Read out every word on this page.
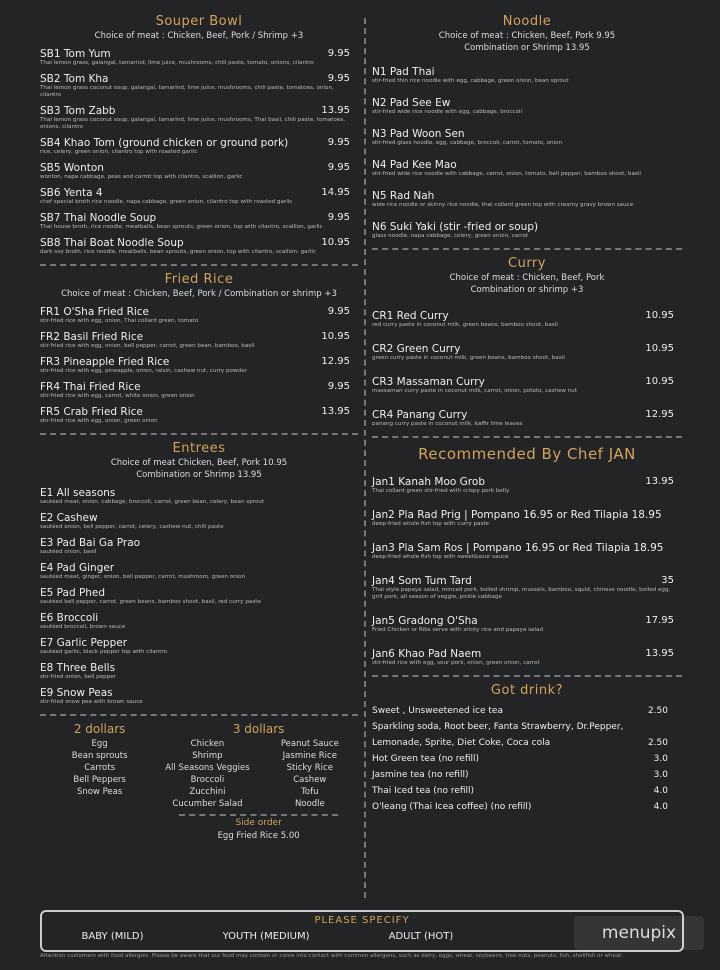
Souper Bowl
Choice of meat : Chicken, Beef, Pork / Shrimp +3
SB1 Tom Yum	9.95
Thai lemon grass, galangal, tamarind, lime juice, mushrooms, chili paste, tomato, onions, cilantro
SB2 Tom Kha	9.95
Thai lemon grass coconut soup, galangal, tamarind, lime juice, mushrooms, chili paste, tomatoes, onion, cilantro
SB3 Tom Zabb	13.95
Thai lemon grass coconut soup, galangal, tamarind, lime juice, mushrooms, Thai basil, chili paste, tomatoes, onions, cilantro
SB4 Khao Tom (ground chicken or ground pork)	9.95
rice, celery, green onion, cilantro top with roasted garlic
SB5 Wonton	9.95
wonton, napa cabbage, peas and carrot top with cilantro, scallion, garlic
SB6 Yenta 4	14.95
chef special broth rice noodle, napa cabbage, green onion, cilantro top with roasted garlic
SB7 Thai Noodle Soup	9.95
Thai house broth, rice noodle, meatballs, bean sprouts, green onion, top with cilantro, scallion, garlic
SB8 Thai Boat Noodle Soup	10.95
dark soy broth, rice noodle, meatballs, bean sprouts, green onion, top with cilantro, scallion, garlic
Fried Rice
Choice of meat : Chicken, Beef, Pork / Combination or shrimp +3
FR1 O'Sha Fried Rice	9.95
stir-fried rice with egg, onion, Thai collard green, tomato
FR2 Basil Fried Rice	10.95
stir-fried rice with egg, onion, bell pepper, carrot, green bean, bamboo, basil
FR3 Pineapple Fried Rice	12.95
stir-fried rice with egg, pineapple, onion, raisin, cashew nut, curry powder
FR4 Thai Fried Rice	9.95
stir-fried rice with egg, carrot, white onion, green onion
FR5 Crab Fried Rice	13.95
stir-fried rice with egg, onion, green onion
Entrees
Choice of meat Chicken, Beef, Pork 10.95
Combination or Shrimp 13.95
E1 All seasons
sautéed meat, onion, cabbage, broccoli, carrot, green bean, celery, bean sprout
E2 Cashew
sautéed onion, bell pepper, carrot, celery, cashew nut, chili paste
E3 Pad Bai Ga Prao
sautéed onion, basil
E4 Pad Ginger
sautéed meat, ginger, onion, bell pepper, carrot, mushroom, green onion
E5 Pad Phed
sautéed bell pepper, carrot, green beans, bamboo shoot, basil, red curry paste
E6 Broccoli
sautéed broccoli, brown sauce
E7 Garlic Pepper
sautéed garlic, black pepper top with cilantro
E8 Three Bells
stir-fried onion, bell pepper
E9 Snow Peas
stir-fried snow pea with brown sauce
2 dollars
Egg
Bean sprouts
Carrots
Bell Peppers
Snow Peas
3 dollars
Chicken	Peanut Sauce
Shrimp	Jasmine Rice
All Seasons Veggies	Sticky Rice
Broccoli	Cashew
Zucchini	Tofu
Cucumber Salad	Noodle
Side order
Egg Fried Rice 5.00
Noodle
Choice of meat : Chicken, Beef, Pork 9.95
Combination or Shrimp 13.95
N1 Pad Thai
stir-fried thin rice noodle with egg, cabbage, green onion, bean sprout
N2 Pad See Ew
stir-fried wide rice noodle with egg, cabbage, broccoli
N3 Pad Woon Sen
stir-fried glass noodle, egg, cabbage, broccoli, carrot, tomato, onion
N4 Pad Kee Mao
stir-fried wide rice noodle with cabbage, carrot, onion, tomato, bell pepper, bamboo shoot, basil
N5 Rad Nah
wide rice noodle or skinny rice noodle, thai collard green top with creamy gravy brown sauce
N6 Suki Yaki (stir -fried or soup)
glass noodle, napa cabbage, celery, green onion, carrot
Curry
Choice of meat : Chicken, Beef, Pork
Combination or shrimp +3
CR1 Red Curry	10.95
red curry paste in coconut milk, green beans, bamboo shoot, basil
CR2 Green Curry	10.95
green curry paste in coconut milk, green beans, bamboo shoot, basil
CR3 Massaman Curry	10.95
massaman curry paste in coconut milk, carrot, onion, potato, cashew nut
CR4 Panang Curry	12.95
panang curry paste in coconut milk, kaffir lime leaves
Recommended By Chef JAN
Jan1 Kanah Moo Grob	13.95
Thai collard green stir-fried with crispy pork belly
Jan2 Pla Rad Prig | Pompano 16.95 or Red Tilapia 18.95
deep-fried whole fish top with curry paste
Jan3 Pla Sam Ros | Pompano 16.95 or Red Tilapia 18.95
deep-fried whole fish top with sweet&sour sauce
Jan4 Som Tum Tard	35
Thai style papaya salad, minced pork, boiled shrimp, mussels, bamboo, squid, chinese noodle, boiled egg, grill pork, all season of veggie, pickle cabbage
Jan5 Gradong O'Sha	17.95
Fried Chicken or Ribs serve with sticky rice and papaya salad
Jan6 Khao Pad Naem	13.95
stir-fried rice with egg, sour pork, onion, green onion, carrot
Got drink?
Sweet , Unsweetened ice tea	2.50
Sparkling soda, Root beer, Fanta Strawberry, Dr.Pepper,
Lemonade, Sprite, Diet Coke, Coca cola	2.50
Hot Green tea (no refill)	3.0
Jasmine tea (no refill)	3.0
Thai Iced tea (no refill)	4.0
O'leang (Thai Icea coffee) (no refill)	4.0
PLEASE SPECIFY
BABY (MILD)	YOUTH (MEDIUM)	ADULT (HOT)	menupix
Attention customers with food allergies. Please be aware that our food may contain or come into contact with common allergens, such as dairy, eggs, wheat, soybeans, tree nuts, peanuts, fish, shellfish or wheat.
